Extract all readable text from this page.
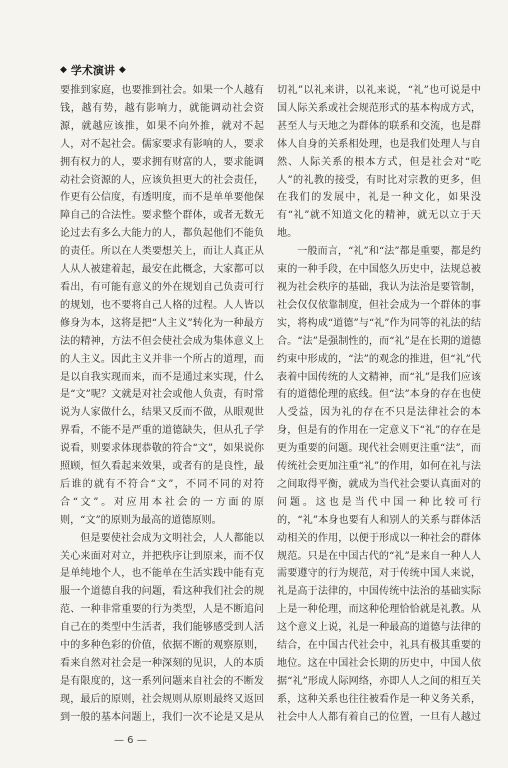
◆ 学术演讲 ◆

要推到家庭，也要推到社会。如果一个人越有钱，越有势，越有影响力，就能调动社会资源，就越应该推，如果不向外推，就对不起人，对不起社会。儒家要求有影响的人，要求拥有权力的人，要求拥有财富的人，要求能调动社会资源的人，应该负担更大的社会责任，作更有公信度，有透明度，而不是单单要他保障自己的合法性。要求整个群体，或者无数无论过去有多么大能力的人，都负起他们不能负的责任。所以在人类要想关上，而让人真正从人从人被建着起，最安在此概念，大家都可以看出，有可能有意义的外在规划自己负责可行的规划，也不要将自己人格的过程。人人皆以修身为本，这将是把“人主义”转化为一种最方法的精神，方法不但会使社会成为集体意义上的人主义。因此主义并非一个所占的道理，而是以自我实现而来，而不是通过来实现，什么是“文”呢？文就是对社会或他人负责，有时常说为人家做什么，结果又反而不做，从眼观世界看，不能不是严重的道德缺失，但从孔子学说看，则要求体现恭敬的符合“文”，如果说你照顾，恒久看起来效果，或者有的是良性，最后谁的就有不符合“文”，不同不同的对符合“文”。对应用本社会的一方面的原则，“文”的原则为最高的道德原则。

但是要使社会成为文明社会，人人都能以关心来面对对立，并把秩序让到原来，而不仅是单纯地个人，也不能单在生活实践中能有克服一个道德自我的问题，看这种我们社会的规范、一种非常重要的行为类型，人是不断追问自己在的类型中生活者，我们能够感受到人活中的多种色彩的价值，依据不断的观察原则，看来自然对社会是一种深刻的见识，人的本质是有限度的，这一系列问题来自社会的不断发现，最后的原则，社会规则从原则最终又返回到一般的基本问题上，我们一次不论是又是从

切礼”以礼来讲，以礼来说，“礼”也可说是中国人际关系或社会规范形式的基本构成方式，甚至人与天地之为群体的联系和交流，也是群体人自身的关系相处理，也是我们处理人与自然、人际关系的根本方式，但是社会对“吃人”的礼教的接受，有时比对宗教的更多，但在我们的发展中，礼是一种文化，如果没有“礼”就不知道文化的精神，就无以立于天地。

一般而言，“礼”和“法”都是重要，都是约束的一种手段，在中国悠久历史中，法规总被视为社会秩序的基础，我认为法治是要管制，社会仅仅依靠制度，但社会成为一个群体的事实，将构成“道德”与“礼”作为同等的礼法的结合。“法”是强制性的，而“礼”是在长期的道德约束中形成的，“法”的观念的推进，但“礼”代表着中国传统的人文精神，而“礼”是我们应该有的道德伦理的底线。但“法”本身的存在也使人受益，因为礼的存在不只是法律社会的本身，但是有的作用在一定意义下“礼”的存在是更为重要的问题。现代社会则更注重“法”，而传统社会更加注重“礼”的作用，如何在礼与法之间取得平衡，就成为当代社会要认真面对的问题。这也是当代中国一种比较可行的，“礼”本身也要有人和别人的关系与群体活动相关的作用，以便于形成以一种社会的群体规范。只是在中国古代的“礼”是来自一种人人需要遵守的行为规范，对于传统中国人来说，礼是高于法律的，中国传统中法治的基础实际上是一种伦理，而这种伦理恰恰就是礼教。从这个意义上说，礼是一种最高的道德与法律的结合，在中国古代社会中，礼具有极其重要的地位。这在中国社会长期的历史中，中国人依据“礼”形成人际网络，亦即人人之间的相互关系，这种关系也往往被看作是一种义务关系，社会中人人都有着自己的位置，一旦有人越过

— 6 —
